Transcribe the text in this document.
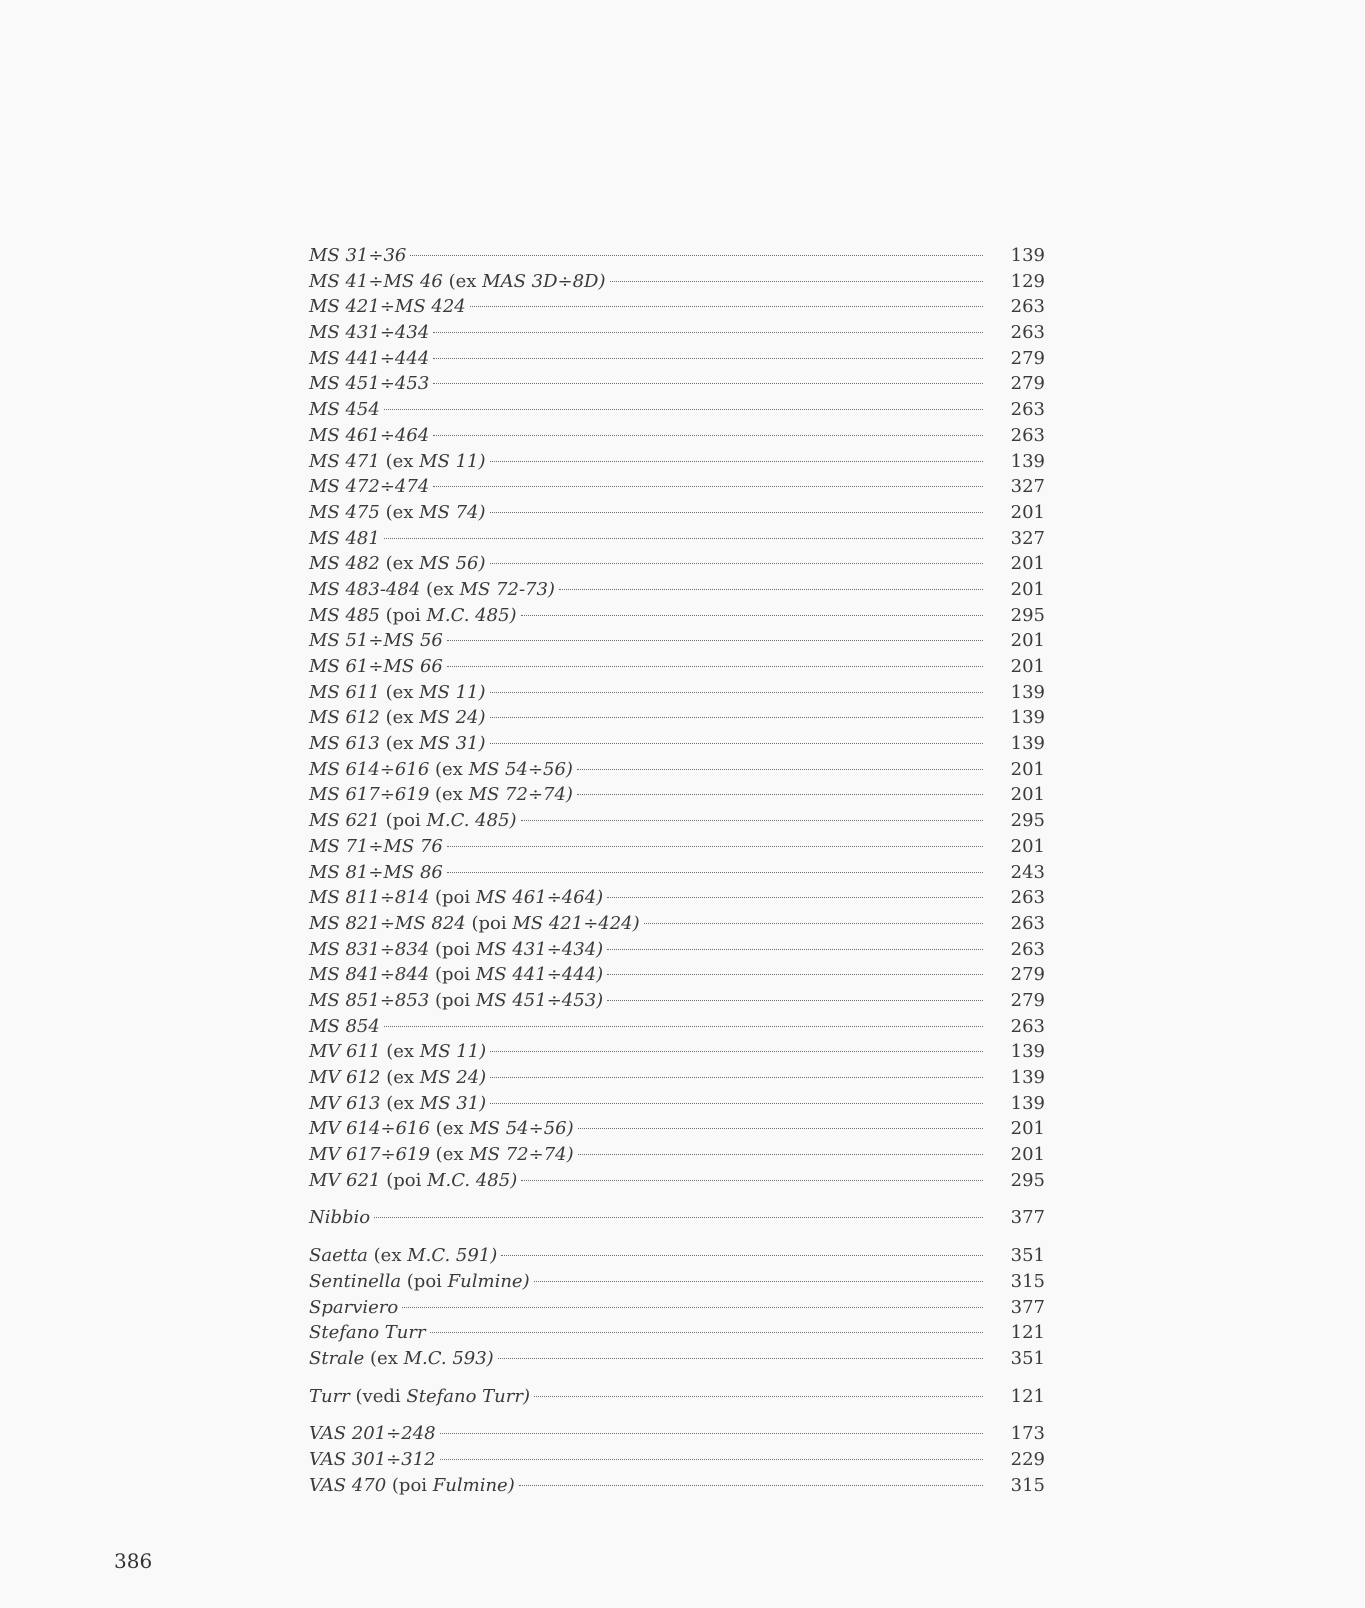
MS 31÷36	139
MS 41÷MS 46 (ex MAS 3D÷8D)	129
MS 421÷MS 424	263
MS 431÷434	263
MS 441÷444	279
MS 451÷453	279
MS 454	263
MS 461÷464	263
MS 471 (ex MS 11)	139
MS 472÷474	327
MS 475 (ex MS 74)	201
MS 481	327
MS 482 (ex MS 56)	201
MS 483-484 (ex MS 72-73)	201
MS 485 (poi M.C. 485)	295
MS 51÷MS 56	201
MS 61÷MS 66	201
MS 611 (ex MS 11)	139
MS 612 (ex MS 24)	139
MS 613 (ex MS 31)	139
MS 614÷616 (ex MS 54÷56)	201
MS 617÷619 (ex MS 72÷74)	201
MS 621 (poi M.C. 485)	295
MS 71÷MS 76	201
MS 81÷MS 86	243
MS 811÷814 (poi MS 461÷464)	263
MS 821÷MS 824 (poi MS 421÷424)	263
MS 831÷834 (poi MS 431÷434)	263
MS 841÷844 (poi MS 441÷444)	279
MS 851÷853 (poi MS 451÷453)	279
MS 854	263
MV 611 (ex MS 11)	139
MV 612 (ex MS 24)	139
MV 613 (ex MS 31)	139
MV 614÷616 (ex MS 54÷56)	201
MV 617÷619 (ex MS 72÷74)	201
MV 621 (poi M.C. 485)	295
Nibbio	377
Saetta (ex M.C. 591)	351
Sentinella (poi Fulmine)	315
Sparviero	377
Stefano Turr	121
Strale (ex M.C. 593)	351
Turr (vedi Stefano Turr)	121
VAS 201÷248	173
VAS 301÷312	229
VAS 470 (poi Fulmine)	315
386
